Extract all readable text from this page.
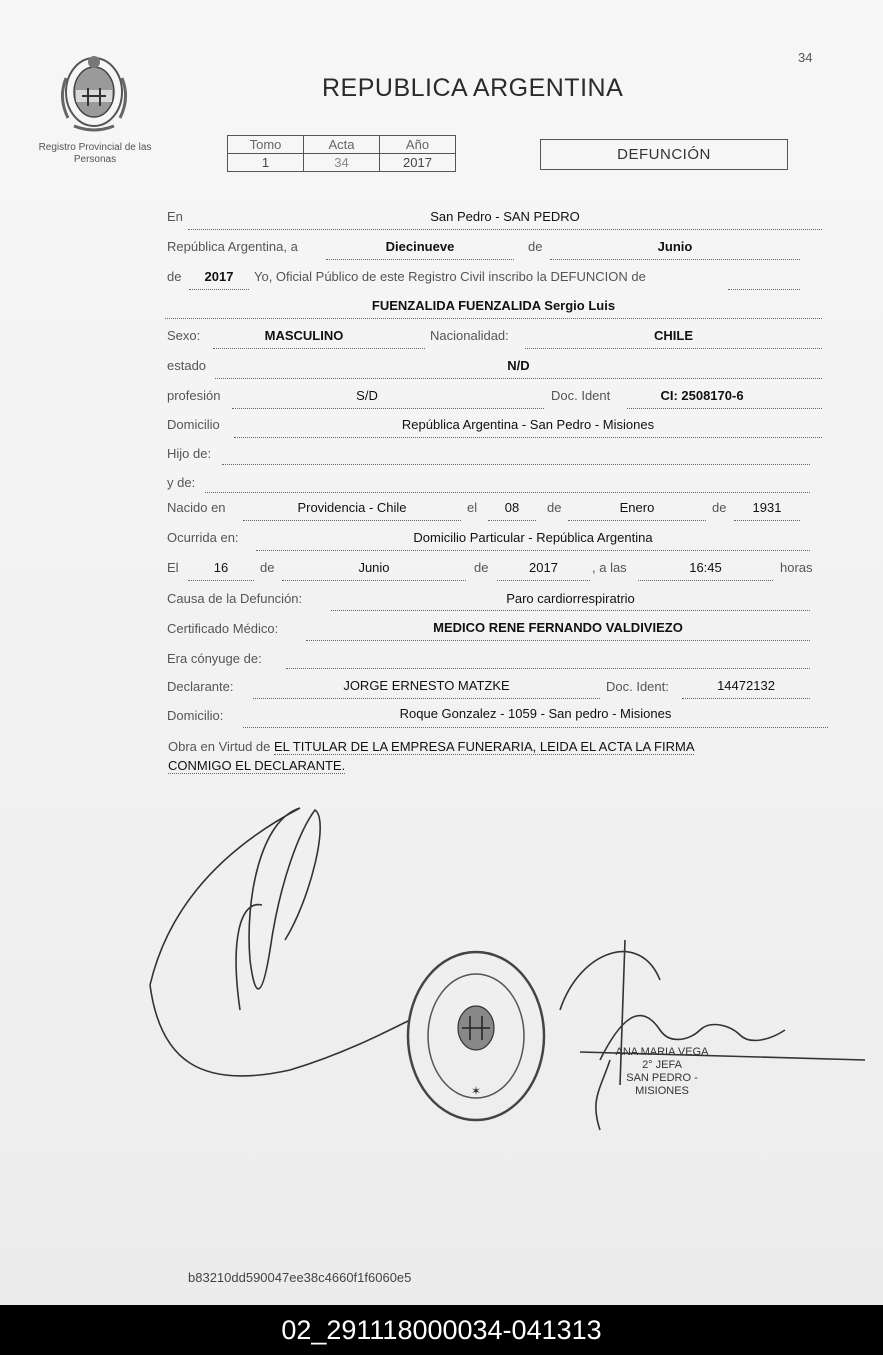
34
Registro Provincial de las Personas
REPUBLICA ARGENTINA
Tomo	Acta	Año
1	34	2017	DEFUNCIÓN
En	San Pedro - SAN PEDRO
República Argentina, a	Diecinueve	de	Junio
de	2017	Yo, Oficial Público de este Registro Civil inscribo la DEFUNCION de
FUENZALIDA FUENZALIDA Sergio Luis
Sexo:	MASCULINO	Nacionalidad:	CHILE
estado	N/D
profesión	S/D	Doc. Ident	CI: 2508170-6
Domicilio	República Argentina - San Pedro - Misiones
Hijo de:
y de:
Nacido en	Providencia - Chile	el	08	de	Enero	de	1931
Ocurrida en:	Domicilio Particular - República Argentina
El	16	de	Junio	de	2017	, a las	16:45	horas
Causa de la Defunción:	Paro cardiorrespiratrio
Certificado Médico:	MEDICO RENE FERNANDO VALDIVIEZO
Era cónyuge de:
Declarante:	JORGE ERNESTO MATZKE	Doc. Ident:	14472132
Domicilio:	Roque Gonzalez - 1059 - San pedro - Misiones
Obra en Virtud de EL TITULAR DE LA EMPRESA FUNERARIA, LEIDA EL ACTA LA FIRMA
CONMIGO EL DECLARANTE.
✶
ANA MARIA VEGA
2° JEFA
SAN PEDRO - MISIONES
b83210dd590047ee38c4660f1f6060e5
02_291118000034-041313
